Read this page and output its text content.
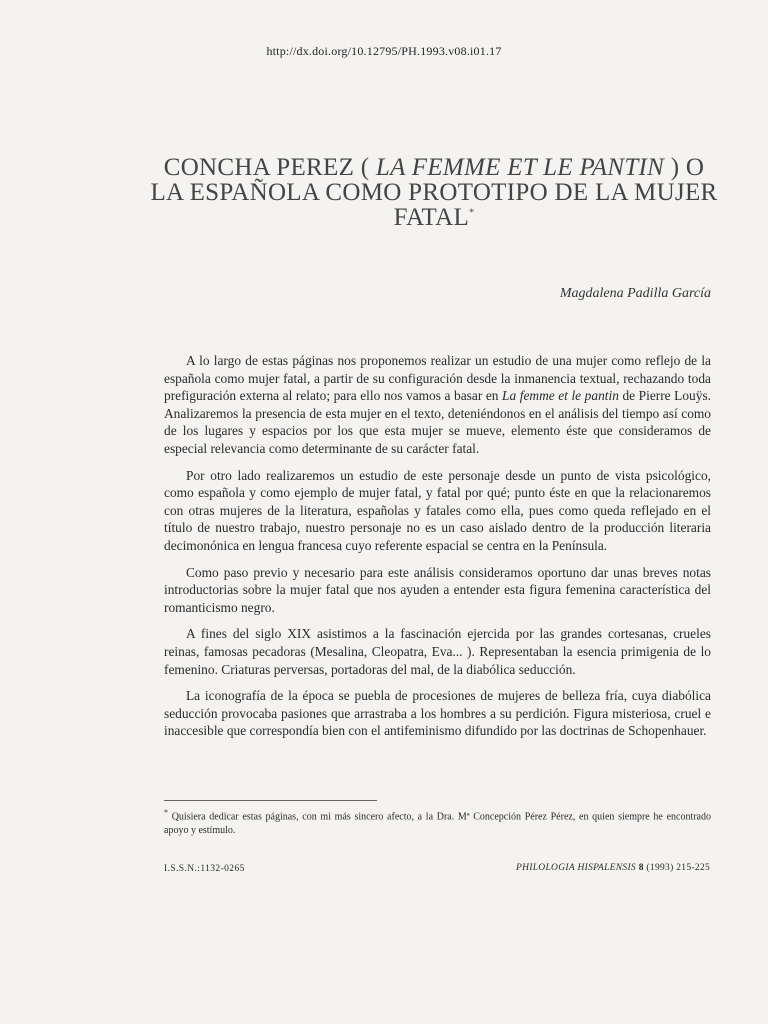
http://dx.doi.org/10.12795/PH.1993.v08.i01.17
CONCHA PEREZ ( LA FEMME ET LE PANTIN ) O LA ESPAÑOLA COMO PROTOTIPO DE LA MUJER FATAL*
Magdalena Padilla García

A lo largo de estas páginas nos proponemos realizar un estudio de una mujer como reflejo de la española como mujer fatal, a partir de su configuración desde la inmanencia textual, rechazando toda prefiguración externa al relato; para ello nos vamos a basar en La femme et le pantin de Pierre Louÿs. Analizaremos la presencia de esta mujer en el texto, deteniéndonos en el análisis del tiempo así como de los lugares y espacios por los que esta mujer se mueve, elemento éste que consideramos de especial relevancia como determinante de su carácter fatal.

Por otro lado realizaremos un estudio de este personaje desde un punto de vista psicológico, como española y como ejemplo de mujer fatal, y fatal por qué; punto éste en que la relacionaremos con otras mujeres de la literatura, españolas y fatales como ella, pues como queda reflejado en el título de nuestro trabajo, nuestro personaje no es un caso aislado dentro de la producción literaria decimonónica en lengua francesa cuyo referente espacial se centra en la Península.

Como paso previo y necesario para este análisis consideramos oportuno dar unas breves notas introductorias sobre la mujer fatal que nos ayuden a entender esta figura femenina característica del romanticismo negro.

A fines del siglo XIX asistimos a la fascinación ejercida por las grandes cortesanas, crueles reinas, famosas pecadoras (Mesalina, Cleopatra, Eva... ). Representaban la esencia primigenia de lo femenino. Criaturas perversas, portadoras del mal, de la diabólica seducción.

La iconografía de la época se puebla de procesiones de mujeres de belleza fría, cuya diabólica seducción provocaba pasiones que arrastraba a los hombres a su perdición. Figura misteriosa, cruel e inaccesible que correspondía bien con el antifeminismo difundido por las doctrinas de Schopenhauer.

* Quisiera dedicar estas páginas, con mi más sincero afecto, a la Dra. Mª Concepción Pérez Pérez, en quien siempre he encontrado apoyo y estímulo.
I.S.S.N.:1132-0265	PHILOLOGIA HISPALENSIS 8 (1993) 215-225
